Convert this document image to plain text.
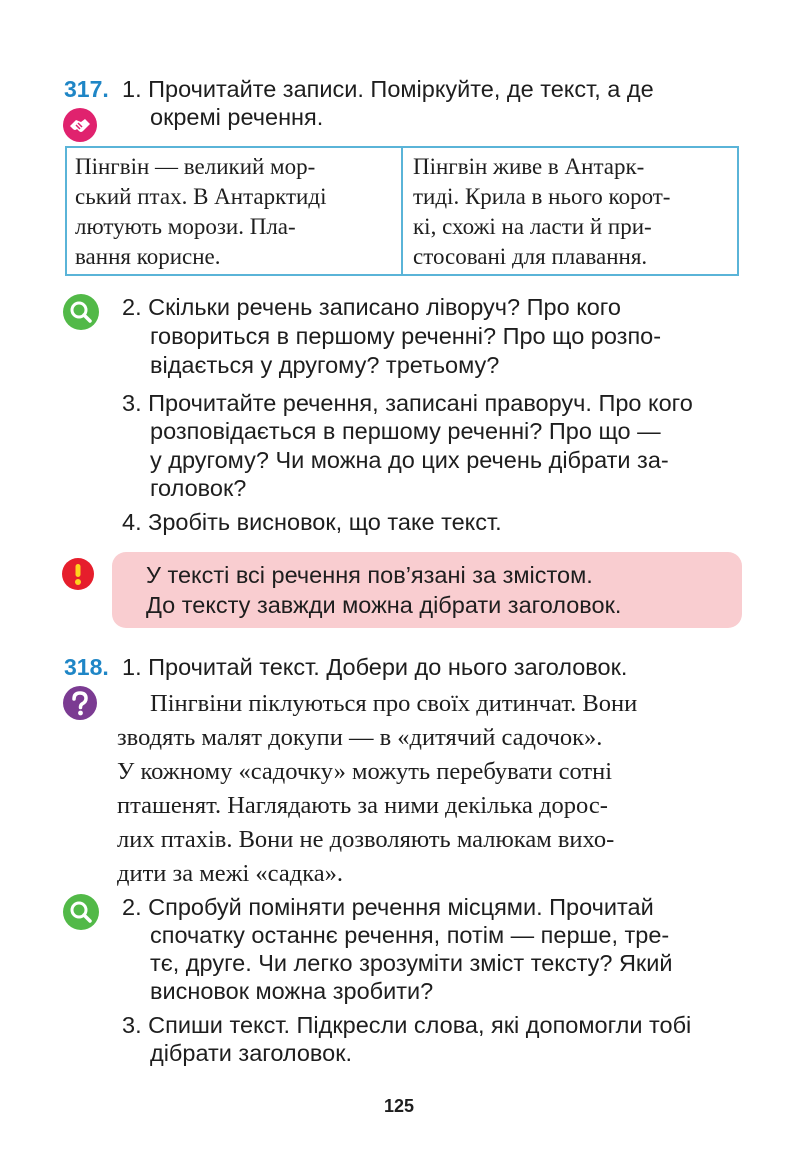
317. 1. Прочитайте записи. Поміркуйте, де текст, а де
окремі речення.
Пінгвін — великий мор-
ський птах. В Антарктиді
лютують морози. Пла-
вання корисне.
Пінгвін живе в Антарк-
тиді. Крила в нього корот-
кі, схожі на ласти й при-
стосовані для плавання.
2. Скільки речень записано ліворуч? Про кого
говориться в першому реченні? Про що розпо-
відається у другому? третьому?
3. Прочитайте речення, записані праворуч. Про кого
розповідається в першому реченні? Про що —
у другому? Чи можна до цих речень дібрати за-
головок?
4. Зробіть висновок, що таке текст.
У тексті всі речення пов’язані за змістом.
До тексту завжди можна дібрати заголовок.
318. 1. Прочитай текст. Добери до нього заголовок.
Пінгвіни піклуються про своїх дитинчат. Вони
зводять малят докупи — в «дитячий садочок».
У кожному «садочку» можуть перебувати сотні
пташенят. Наглядають за ними декілька дорос-
лих птахів. Вони не дозволяють малюкам вихо-
дити за межі «садка».
2. Спробуй поміняти речення місцями. Прочитай
спочатку останнє речення, потім — перше, тре-
тє, друге. Чи легко зрозуміти зміст тексту? Який
висновок можна зробити?
3. Спиши текст. Підкресли слова, які допомогли тобі
дібрати заголовок.
125
